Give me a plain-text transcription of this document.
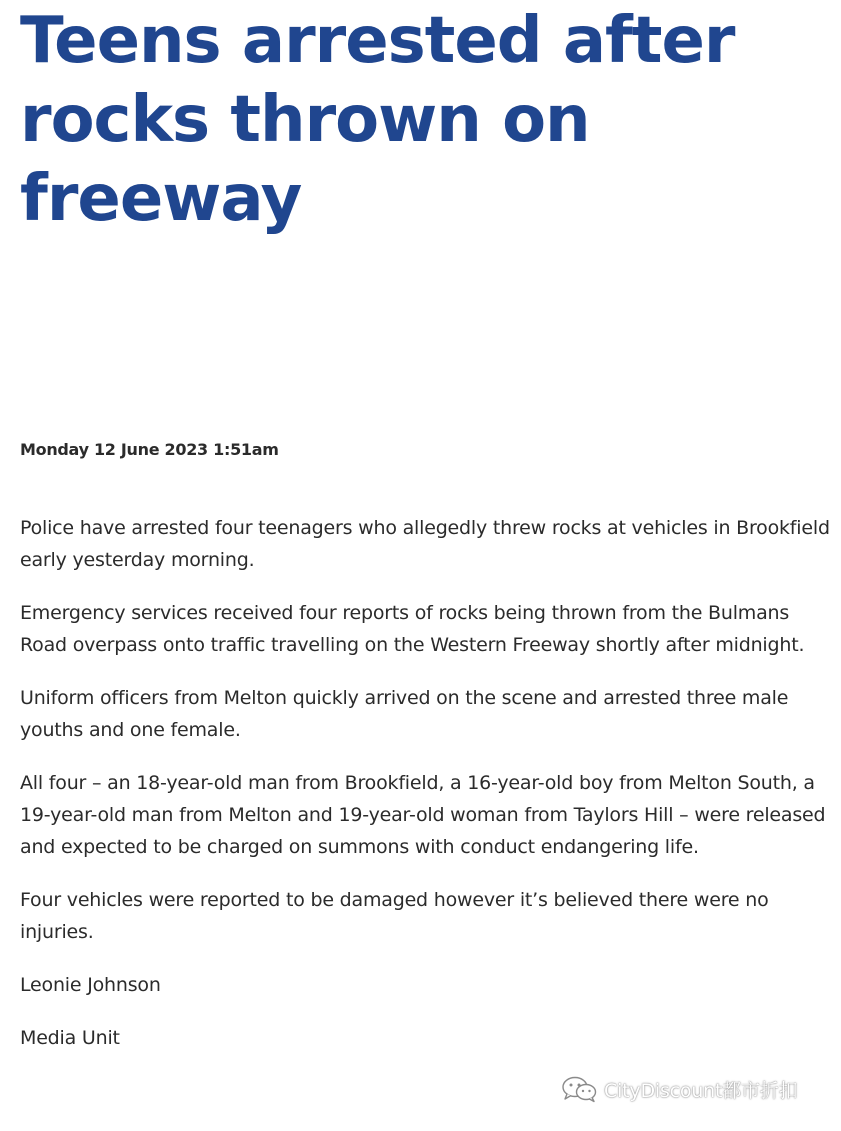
Teens arrested after rocks thrown on freeway
Monday 12 June 2023 1:51am

Police have arrested four teenagers who allegedly threw rocks at vehicles in Brookfield early yesterday morning.

Emergency services received four reports of rocks being thrown from the Bulmans Road overpass onto traffic travelling on the Western Freeway shortly after midnight.

Uniform officers from Melton quickly arrived on the scene and arrested three male youths and one female.

All four – an 18-year-old man from Brookfield, a 16-year-old boy from Melton South, a 19-year-old man from Melton and 19-year-old woman from Taylors Hill – were released and expected to be charged on summons with conduct endangering life.

Four vehicles were reported to be damaged however it’s believed there were no injuries.

Leonie Johnson

Media Unit

CityDiscount都市折扣
